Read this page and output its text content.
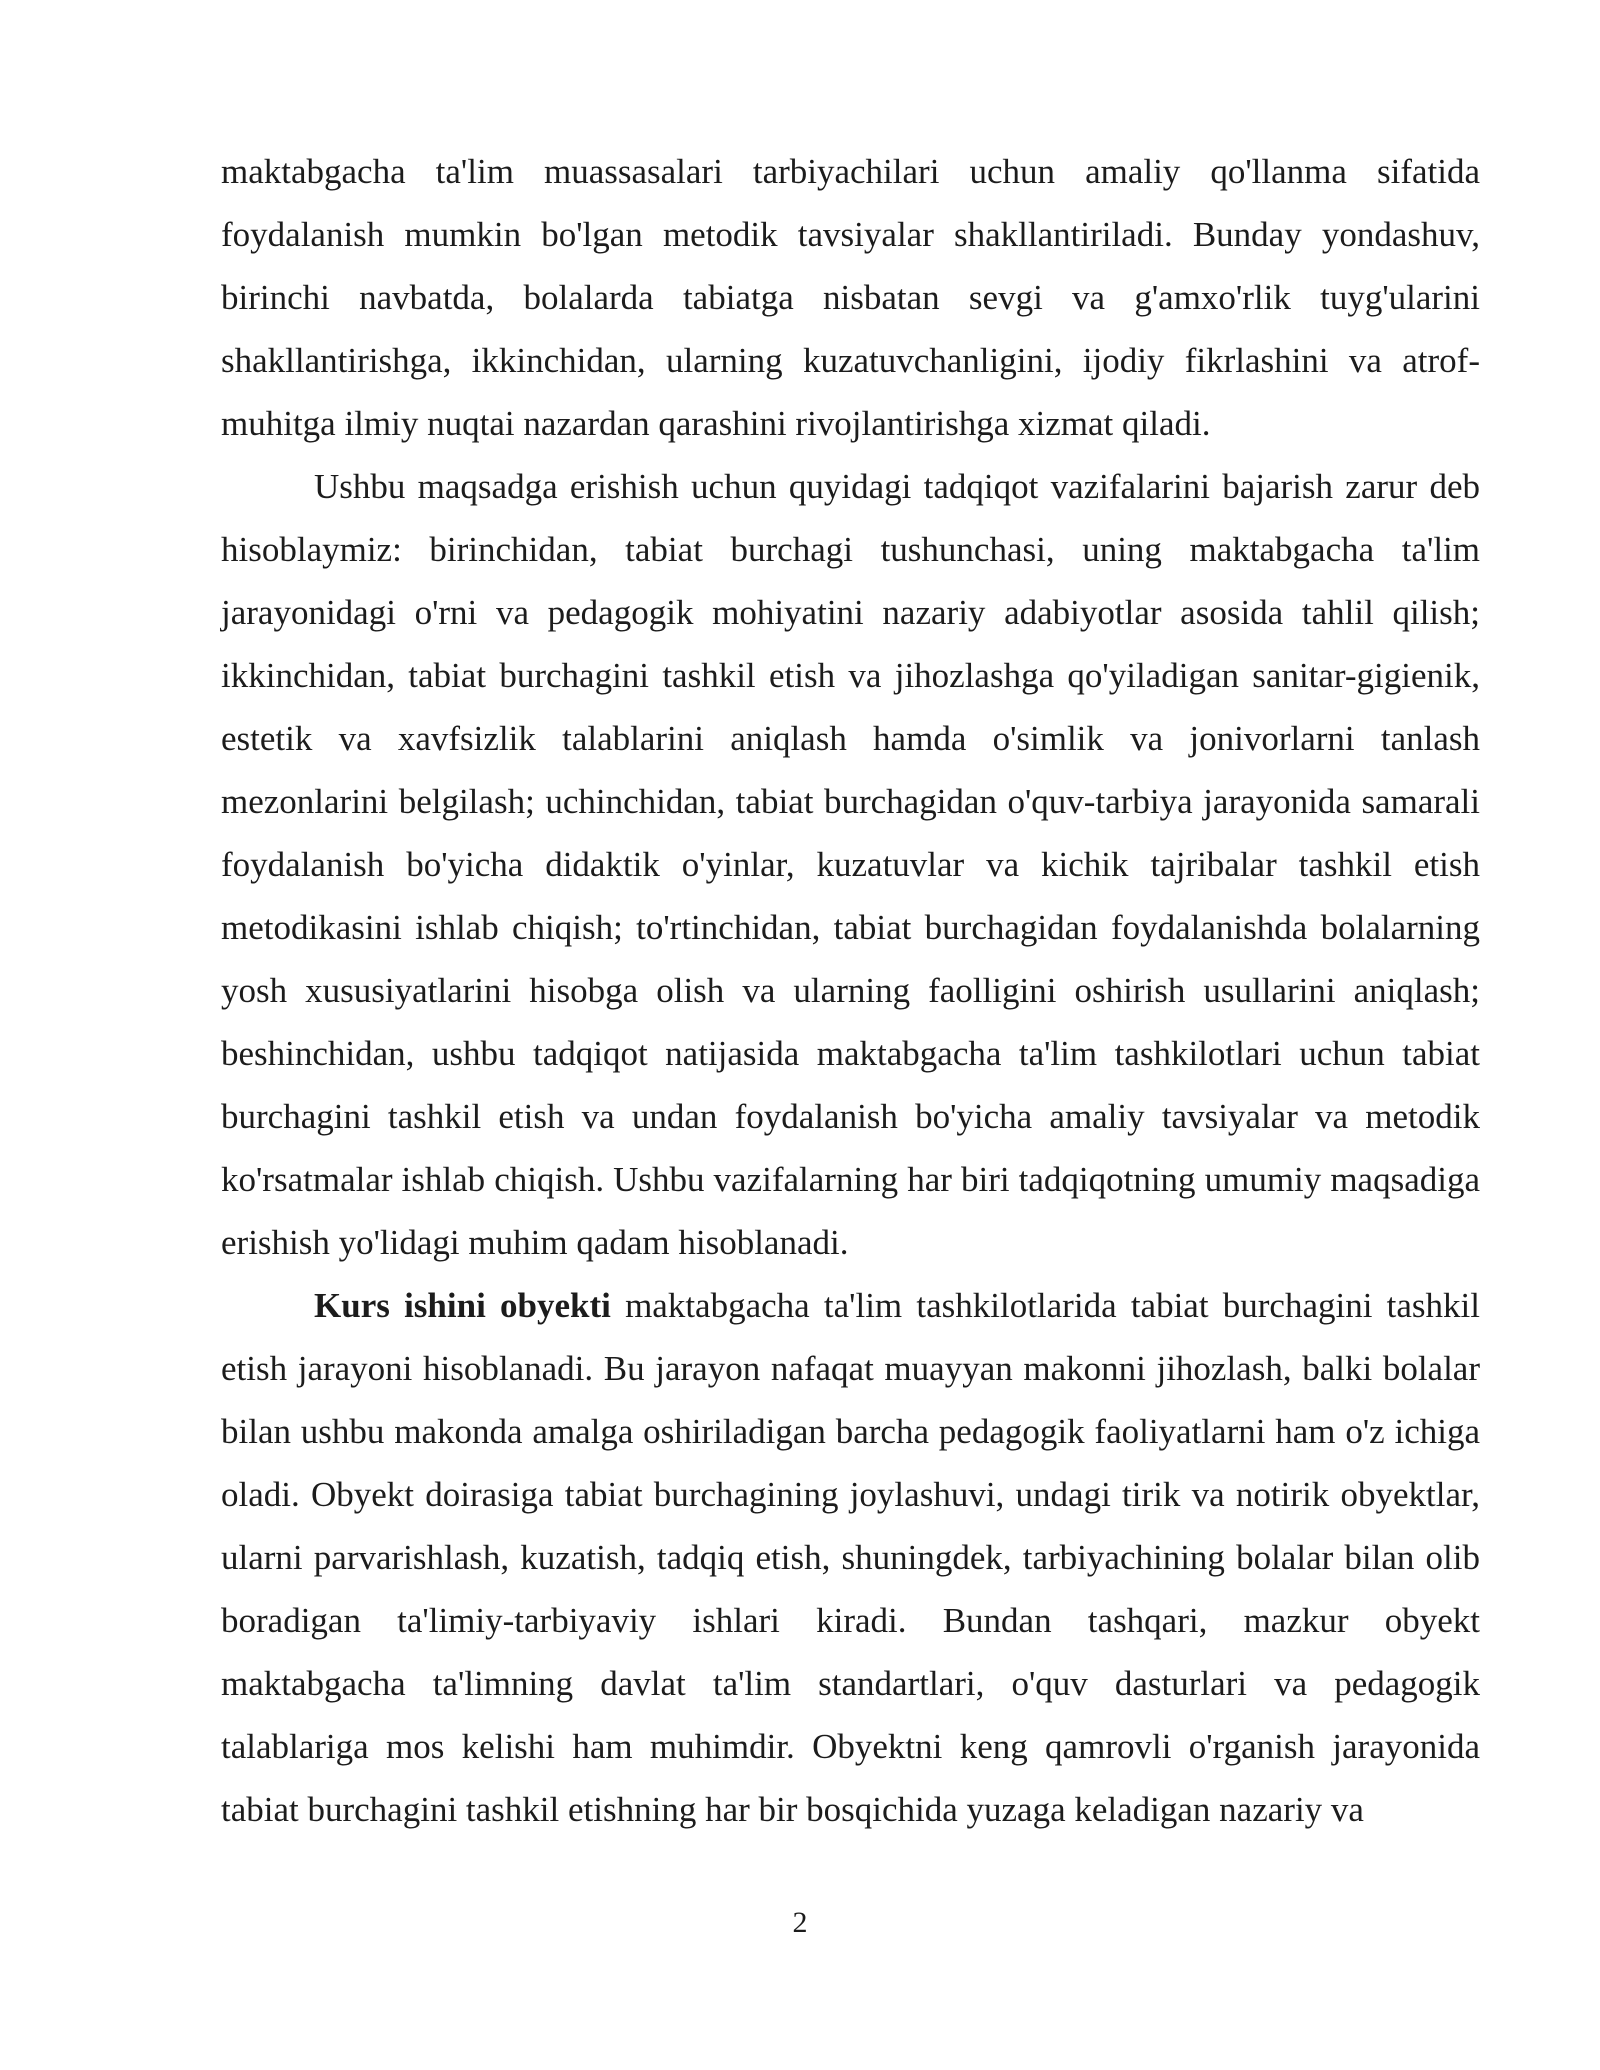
maktabgacha ta'lim muassasalari tarbiyachilari uchun amaliy qo'llanma sifatida foydalanish mumkin bo'lgan metodik tavsiyalar shakllantiriladi. Bunday yondashuv, birinchi navbatda, bolalarda tabiatga nisbatan sevgi va g'amxo'rlik tuyg'ularini shakllantirishga, ikkinchidan, ularning kuzatuvchanligini, ijodiy fikrlashini va atrof-muhitga ilmiy nuqtai nazardan qarashini rivojlantirishga xizmat qiladi.

Ushbu maqsadga erishish uchun quyidagi tadqiqot vazifalarini bajarish zarur deb hisoblaymiz: birinchidan, tabiat burchagi tushunchasi, uning maktabgacha ta'lim jarayonidagi o'rni va pedagogik mohiyatini nazariy adabiyotlar asosida tahlil qilish; ikkinchidan, tabiat burchagini tashkil etish va jihozlashga qo'yiladigan sanitar-gigienik, estetik va xavfsizlik talablarini aniqlash hamda o'simlik va jonivorlarni tanlash mezonlarini belgilash; uchinchidan, tabiat burchagidan o'quv-tarbiya jarayonida samarali foydalanish bo'yicha didaktik o'yinlar, kuzatuvlar va kichik tajribalar tashkil etish metodikasini ishlab chiqish; to'rtinchidan, tabiat burchagidan foydalanishda bolalarning yosh xususiyatlarini hisobga olish va ularning faolligini oshirish usullarini aniqlash; beshinchidan, ushbu tadqiqot natijasida maktabgacha ta'lim tashkilotlari uchun tabiat burchagini tashkil etish va undan foydalanish bo'yicha amaliy tavsiyalar va metodik ko'rsatmalar ishlab chiqish. Ushbu vazifalarning har biri tadqiqotning umumiy maqsadiga erishish yo'lidagi muhim qadam hisoblanadi.

Kurs ishini obyekti maktabgacha ta'lim tashkilotlarida tabiat burchagini tashkil etish jarayoni hisoblanadi. Bu jarayon nafaqat muayyan makonni jihozlash, balki bolalar bilan ushbu makonda amalga oshiriladigan barcha pedagogik faoliyatlarni ham o'z ichiga oladi. Obyekt doirasiga tabiat burchagining joylashuvi, undagi tirik va notirik obyektlar, ularni parvarishlash, kuzatish, tadqiq etish, shuningdek, tarbiyachining bolalar bilan olib boradigan ta'limiy-tarbiyaviy ishlari kiradi. Bundan tashqari, mazkur obyekt maktabgacha ta'limning davlat ta'lim standartlari, o'quv dasturlari va pedagogik talablariga mos kelishi ham muhimdir. Obyektni keng qamrovli o'rganish jarayonida tabiat burchagini tashkil etishning har bir bosqichida yuzaga keladigan nazariy va

2
